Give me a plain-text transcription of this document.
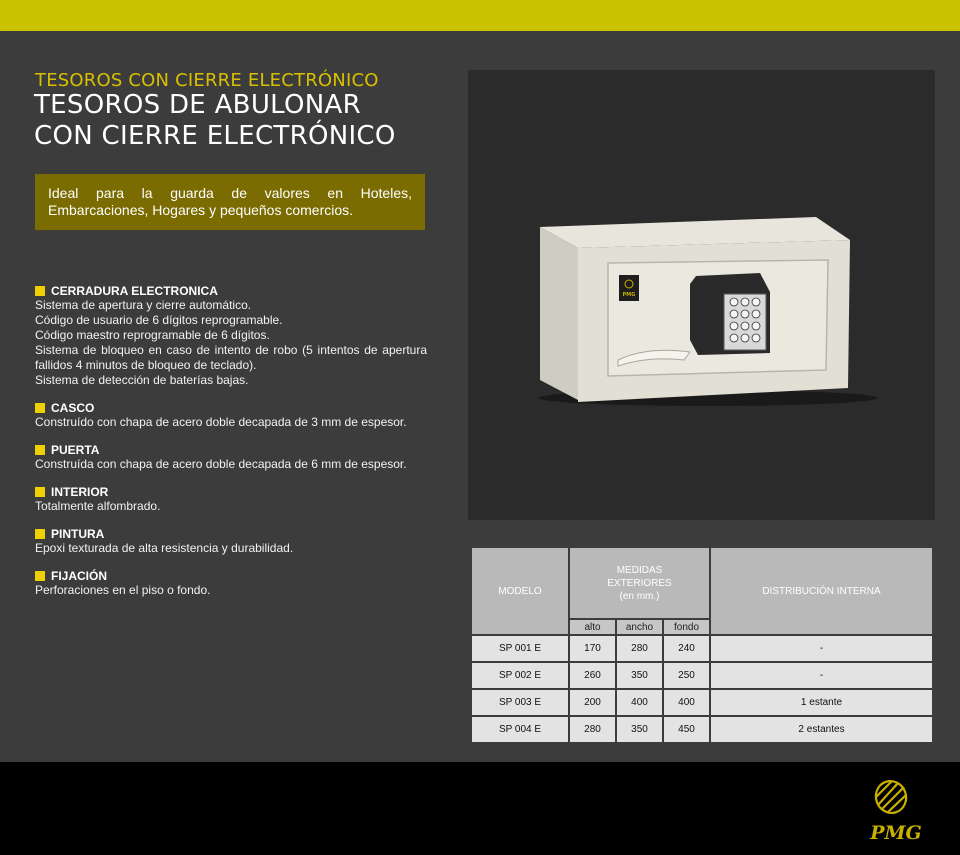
TESOROS CON CIERRE ELECTRÓNICO
TESOROS DE ABULONAR
CON CIERRE ELECTRÓNICO
Ideal para la guarda de valores en Hoteles, Embarcaciones, Hogares y pequeños comercios.
CERRADURA ELECTRONICA
Sistema de apertura y cierre automático.
Código de usuario de 6 dígitos reprogramable.
Código maestro reprogramable de 6 dígitos.
Sistema de bloqueo en caso de intento de robo (5 intentos de apertura fallidos 4 minutos de bloqueo de teclado).
Sistema de detección de baterías bajas.
CASCO
Construído con chapa de acero doble decapada de 3 mm de espesor.
PUERTA
Construída con chapa de acero doble decapada de 6 mm de espesor.
INTERIOR
Totalmente alfombrado.
PINTURA
Epoxi texturada de alta resistencia y durabilidad.
FIJACIÓN
Perforaciones en el piso o fondo.
PMG
MODELO	MEDIDAS
EXTERIORES
(en mm.)			DISTRIBUCIÓN INTERNA
	alto	ancho	fondo	
SP 001 E	170	280	240	-
SP 002 E	260	350	250	-
SP 003 E	200	400	400	1 estante
SP 004 E	280	350	450	2 estantes
PMG
